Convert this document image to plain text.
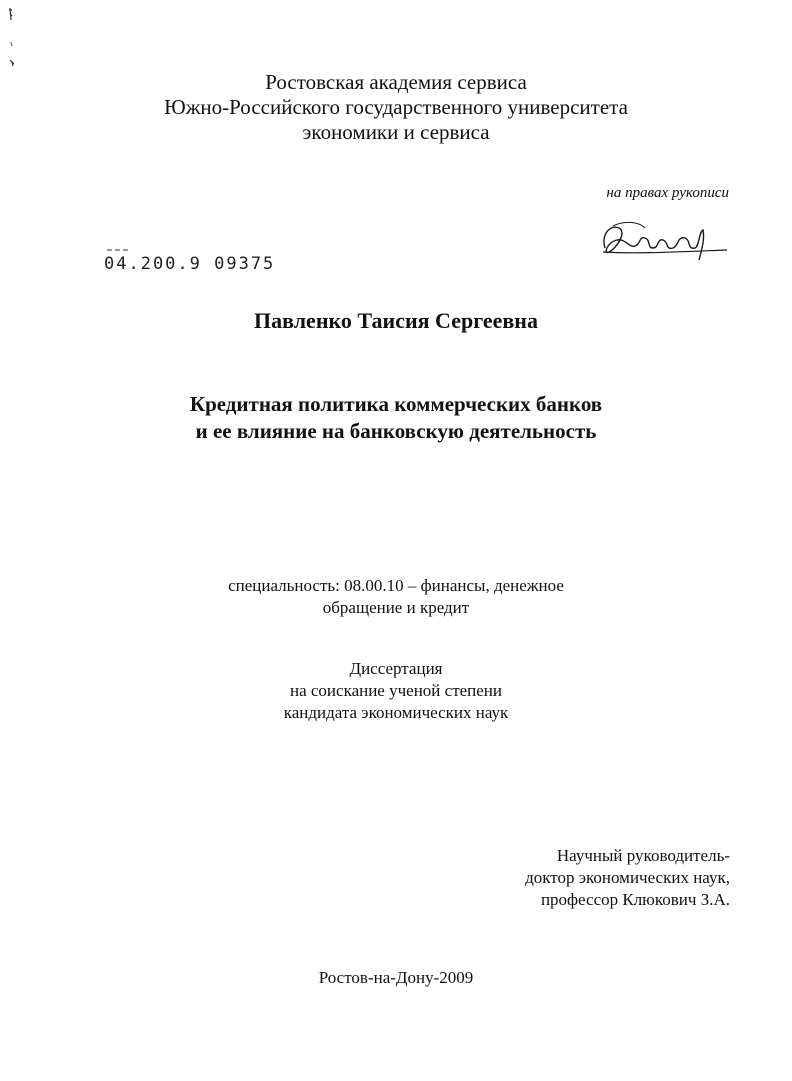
Ростовская академия сервиса
Южно-Российского государственного университета
экономики и сервиса
на правах рукописи
04.200.9 09375
Павленко Таисия Сергеевна
Кредитная политика коммерческих банков
и ее влияние на банковскую деятельность
специальность: 08.00.10 – финансы, денежное
обращение и кредит
Диссертация
на соискание ученой степени
кандидата экономических наук
Научный руководитель-
доктор экономических наук,
профессор Клюкович З.А.
Ростов-на-Дону-2009
